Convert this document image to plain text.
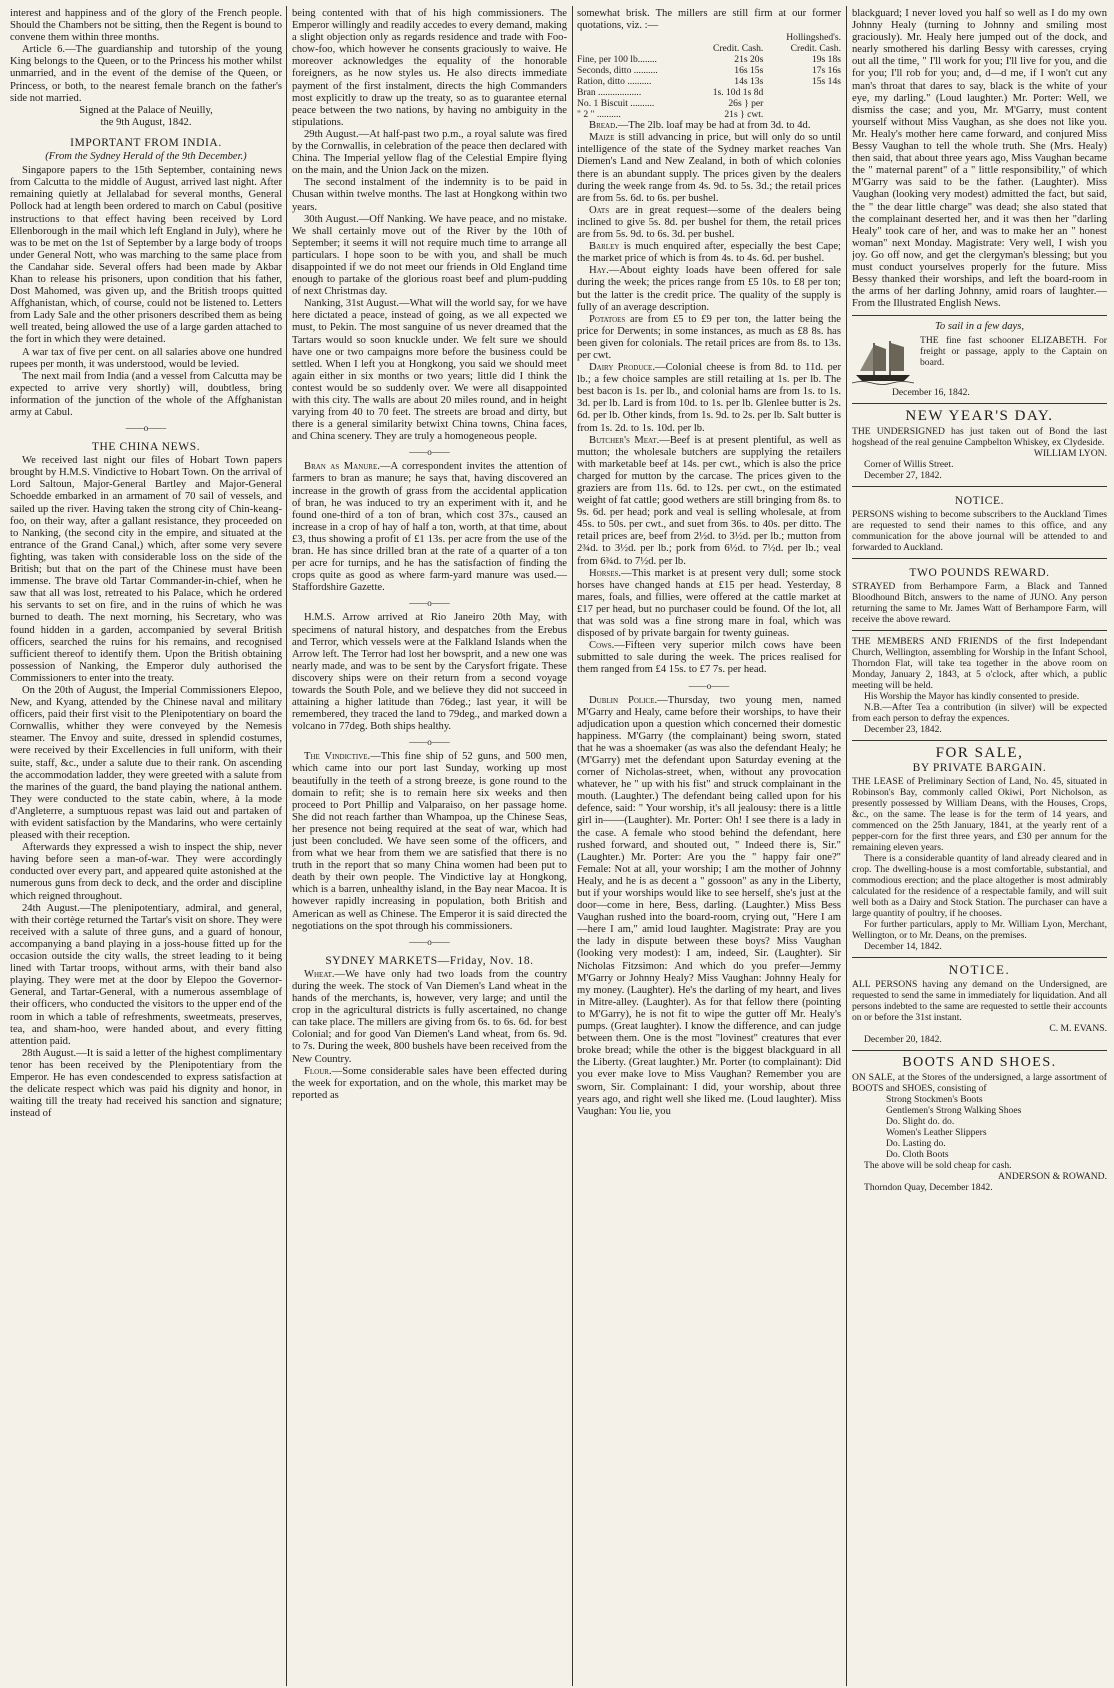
interest and happiness and of the glory of the French people. Should the Chambers not be sitting, then the Regent is bound to convene them within three months.

Article 6.—The guardianship and tutorship of the young King belongs to the Queen, or to the Princess his mother whilst unmarried, and in the event of the demise of the Queen, or Princess, or both, to the nearest female branch on the father's side not married.

Signed at the Palace of Neuilly,

the 9th August, 1842.

IMPORTANT FROM INDIA.
(From the Sydney Herald of the 9th December.)

Singapore papers to the 15th September, containing news from Calcutta to the middle of August, arrived last night. After remaining quietly at Jellalabad for several months, General Pollock had at length been ordered to march on Cabul (positive instructions to that effect having been received by Lord Ellenborough in the mail which left England in July), where he was to be met on the 1st of September by a large body of troops under General Nott, who was marching to the same place from the Candahar side. Several offers had been made by Akbar Khan to release his prisoners, upon condition that his father, Dost Mahomed, was given up, and the British troops quitted Affghanistan, which, of course, could not be listened to. Letters from Lady Sale and the other prisoners described them as being well treated, being allowed the use of a large garden attached to the fort in which they were detained.

A war tax of five per cent. on all salaries above one hundred rupees per month, it was understood, would be levied.

The next mail from India (and a vessel from Calcutta may be expected to arrive very shortly) will, doubtless, bring information of the junction of the whole of the Affghanistan army at Cabul.

——o——
THE CHINA NEWS.

We received last night our files of Hobart Town papers brought by H.M.S. Vindictive to Hobart Town. On the arrival of Lord Saltoun, Major-General Bartley and Major-General Schoedde embarked in an armament of 70 sail of vessels, and sailed up the river. Having taken the strong city of Chin-keang-foo, on their way, after a gallant resistance, they proceeded on to Nanking, (the second city in the empire, and situated at the entrance of the Grand Canal,) which, after some very severe fighting, was taken with considerable loss on the side of the British; but that on the part of the Chinese must have been immense. The brave old Tartar Commander-in-chief, when he saw that all was lost, retreated to his Palace, which he ordered his servants to set on fire, and in the ruins of which he was burned to death. The next morning, his Secretary, who was found hidden in a garden, accompanied by several British officers, searched the ruins for his remains, and recognised sufficient thereof to identify them. Upon the British obtaining possession of Nanking, the Emperor duly authorised the Commissioners to enter into the treaty.

On the 20th of August, the Imperial Commissioners Elepoo, New, and Kyang, attended by the Chinese naval and military officers, paid their first visit to the Plenipotentiary on board the Cornwallis, whither they were conveyed by the Nemesis steamer. The Envoy and suite, dressed in splendid costumes, were received by their Excellencies in full uniform, with their suite, staff, &c., under a salute due to their rank. On ascending the accommodation ladder, they were greeted with a salute from the marines of the guard, the band playing the national anthem. They were conducted to the state cabin, where, à la mode d'Angleterre, a sumptuous repast was laid out and partaken of with evident satisfaction by the Mandarins, who were certainly pleased with their reception.

Afterwards they expressed a wish to inspect the ship, never having before seen a man-of-war. They were accordingly conducted over every part, and appeared quite astonished at the numerous guns from deck to deck, and the order and discipline which reigned throughout.

24th August.—The plenipotentiary, admiral, and general, with their cortège returned the Tartar's visit on shore. They were received with a salute of three guns, and a guard of honour, accompanying a band playing in a joss-house fitted up for the occasion outside the city walls, the street leading to it being lined with Tartar troops, without arms, with their band also playing. They were met at the door by Elepoo the Governor-General, and Tartar-General, with a numerous assemblage of their officers, who conducted the visitors to the upper end of the room in which a table of refreshments, sweetmeats, preserves, tea, and sham-hoo, were handed about, and every fitting attention paid.

28th August.—It is said a letter of the highest complimentary tenor has been received by the Plenipotentiary from the Emperor. He has even condescended to express satisfaction at the delicate respect which was paid his dignity and honor, in waiting till the treaty had received his sanction and signature; instead of

being contented with that of his high commissioners. The Emperor willingly and readily accedes to every demand, making a slight objection only as regards residence and trade with Foo-chow-foo, which however he consents graciously to waive. He moreover acknowledges the equality of the honorable foreigners, as he now styles us. He also directs immediate payment of the first instalment, directs the high Commanders most explicitly to draw up the treaty, so as to guarantee eternal peace between the two nations, by having no ambiguity in the stipulations.

29th August.—At half-past two p.m., a royal salute was fired by the Cornwallis, in celebration of the peace then declared with China. The Imperial yellow flag of the Celestial Empire flying on the main, and the Union Jack on the mizen.

The second instalment of the indemnity is to be paid in Chusan within twelve months. The last at Hongkong within two years.

30th August.—Off Nanking. We have peace, and no mistake. We shall certainly move out of the River by the 10th of September; it seems it will not require much time to arrange all particulars. I hope soon to be with you, and shall be much disappointed if we do not meet our friends in Old England time enough to partake of the glorious roast beef and plum-pudding of next Christmas day.

Nanking, 31st August.—What will the world say, for we have here dictated a peace, instead of going, as we all expected we must, to Pekin. The most sanguine of us never dreamed that the Tartars would so soon knuckle under. We felt sure we should have one or two campaigns more before the business could be settled. When I left you at Hongkong, you said we should meet again either in six months or two years; little did I think the contest would be so suddenly over. We were all disappointed with this city. The walls are about 20 miles round, and in height varying from 40 to 70 feet. The streets are broad and dirty, but there is a general similarity betwixt China towns, China faces, and China scenery. They are truly a homogeneous people.

——o——

Bran as Manure.—A correspondent invites the attention of farmers to bran as manure; he says that, having discovered an increase in the growth of grass from the accidental application of bran, he was induced to try an experiment with it, and he found one-third of a ton of bran, which cost 37s., caused an increase in a crop of hay of half a ton, worth, at that time, about £3, thus showing a profit of £1 13s. per acre from the use of the bran. He has since drilled bran at the rate of a quarter of a ton per acre for turnips, and he has the satisfaction of finding the crops quite as good as where farm-yard manure was used.—Staffordshire Gazette.

——o——

H.M.S. Arrow arrived at Rio Janeiro 20th May, with specimens of natural history, and despatches from the Erebus and Terror, which vessels were at the Falkland Islands when the Arrow left. The Terror had lost her bowsprit, and a new one was nearly made, and was to be sent by the Carysfort frigate. These discovery ships were on their return from a second voyage towards the South Pole, and we believe they did not succeed in attaining a higher latitude than 76deg.; last year, it will be remembered, they traced the land to 79deg., and marked down a volcano in 77deg. Both ships healthy.

——o——

The Vindictive.—This fine ship of 52 guns, and 500 men, which came into our port last Sunday, working up most beautifully in the teeth of a strong breeze, is gone round to the domain to refit; she is to remain here six weeks and then proceed to Port Phillip and Valparaiso, on her passage home. She did not reach farther than Whampoa, up the Chinese Seas, her presence not being required at the seat of war, which had just been concluded. We have seen some of the officers, and from what we hear from them we are satisfied that there is no truth in the report that so many China women had been put to death by their own people. The Vindictive lay at Hongkong, which is a barren, unhealthy island, in the Bay near Macoa. It is however rapidly increasing in population, both British and American as well as Chinese. The Emperor it is said directed the negotiations on the spot through his commissioners.

——o——
SYDNEY MARKETS—Friday, Nov. 18.

Wheat.—We have only had two loads from the country during the week. The stock of Van Diemen's Land wheat in the hands of the merchants, is, however, very large; and until the crop in the agricultural districts is fully ascertained, no change can take place. The millers are giving from 6s. to 6s. 6d. for best Colonial; and for good Van Diemen's Land wheat, from 6s. 9d. to 7s. During the week, 800 bushels have been received from the New Country.

Flour.—Some considerable sales have been effected during the week for exportation, and on the whole, this market may be reported as

somewhat brisk. The millers are still firm at our former quotations, viz. :—

		Hollingshed's.
	Credit. Cash.	Credit. Cash.
Fine, per 100 lb........	21s 20s	19s 18s
Seconds, ditto ..........	16s 15s	17s 16s
Ration, ditto ..........	14s 13s	15s 14s
Bran ..................	1s. 10d 1s 8d	
No. 1 Biscuit ..........	26s } per	
" 2 " ..........	21s } cwt.	

Bread.—The 2lb. loaf may be had at from 3d. to 4d.

Maize is still advancing in price, but will only do so until intelligence of the state of the Sydney market reaches Van Diemen's Land and New Zealand, in both of which colonies there is an abundant supply. The prices given by the dealers during the week range from 4s. 9d. to 5s. 3d.; the retail prices are from 5s. 6d. to 6s. per bushel.

Oats are in great request—some of the dealers being inclined to give 5s. 8d. per bushel for them, the retail prices are from 5s. 9d. to 6s. 3d. per bushel.

Barley is much enquired after, especially the best Cape; the market price of which is from 4s. to 4s. 6d. per bushel.

Hay.—About eighty loads have been offered for sale during the week; the prices range from £5 10s. to £8 per ton; but the latter is the credit price. The quality of the supply is fully of an average description.

Potatoes are from £5 to £9 per ton, the latter being the price for Derwents; in some instances, as much as £8 8s. has been given for colonials. The retail prices are from 8s. to 13s. per cwt.

Dairy Produce.—Colonial cheese is from 8d. to 11d. per lb.; a few choice samples are still retailing at 1s. per lb. The best bacon is 1s. per lb., and colonial hams are from 1s. to 1s. 3d. per lb. Lard is from 10d. to 1s. per lb. Glenlee butter is 2s. 6d. per lb. Other kinds, from 1s. 9d. to 2s. per lb. Salt butter is from 1s. 2d. to 1s. 10d. per lb.

Butcher's Meat.—Beef is at present plentiful, as well as mutton; the wholesale butchers are supplying the retailers with marketable beef at 14s. per cwt., which is also the price charged for mutton by the carcase. The prices given to the graziers are from 11s. 6d. to 12s. per cwt., on the estimated weight of fat cattle; good wethers are still bringing from 8s. to 9s. 6d. per head; pork and veal is selling wholesale, at from 45s. to 50s. per cwt., and suet from 36s. to 40s. per ditto. The retail prices are, beef from 2½d. to 3½d. per lb.; mutton from 2¾d. to 3½d. per lb.; pork from 6½d. to 7½d. per lb.; veal from 6¾d. to 7½d. per lb.

Horses.—This market is at present very dull; some stock horses have changed hands at £15 per head. Yesterday, 8 mares, foals, and fillies, were offered at the cattle market at £17 per head, but no purchaser could be found. Of the lot, all that was sold was a fine strong mare in foal, which was disposed of by private bargain for twenty guineas.

Cows.—Fifteen very superior milch cows have been submitted to sale during the week. The prices realised for them ranged from £4 15s. to £7 7s. per head.

——o——

Dublin Police.—Thursday, two young men, named M'Garry and Healy, came before their worships, to have their adjudication upon a question which concerned their domestic happiness. M'Garry (the complainant) being sworn, stated that he was a shoemaker (as was also the defendant Healy; he (M'Garry) met the defendant upon Saturday evening at the corner of Nicholas-street, when, without any provocation whatever, he " up with his fist" and struck complainant in the mouth. (Laughter.) The defendant being called upon for his defence, said: " Your worship, it's all jealousy: there is a little girl in——(Laughter). Mr. Porter: Oh! I see there is a lady in the case. A female who stood behind the defendant, here rushed forward, and shouted out, " Indeed there is, Sir." (Laughter.) Mr. Porter: Are you the " happy fair one?" Female: Not at all, your worship; I am the mother of Johnny Healy, and he is as decent a " gossoon" as any in the Liberty, but if your worships would like to see herself, she's just at the door—come in here, Bess, darling. (Laughter.) Miss Bess Vaughan rushed into the board-room, crying out, "Here I am—here I am," amid loud laughter. Magistrate: Pray are you the lady in dispute between these boys? Miss Vaughan (looking very modest): I am, indeed, Sir. (Laughter). Sir Nicholas Fitzsimon: And which do you prefer—Jemmy M'Garry or Johnny Healy? Miss Vaughan: Johnny Healy for my money. (Laughter). He's the darling of my heart, and lives in Mitre-alley. (Laughter). As for that fellow there (pointing to M'Garry), he is not fit to wipe the gutter off Mr. Healy's pumps. (Great laughter). I know the difference, and can judge between them. One is the most "lovinest" creatures that ever broke bread; while the other is the biggest blackguard in all the Liberty. (Great laughter.) Mr. Porter (to complainant): Did you ever make love to Miss Vaughan? Remember you are sworn, Sir. Complainant: I did, your worship, about three years ago, and right well she liked me. (Loud laughter). Miss Vaughan: You lie, you

blackguard; I never loved you half so well as I do my own Johnny Healy (turning to Johnny and smiling most graciously). Mr. Healy here jumped out of the dock, and nearly smothered his darling Bessy with caresses, crying out all the time, " I'll work for you; I'll live for you, and die for you; I'll rob for you; and, d—d me, if I won't cut any man's throat that dares to say, black is the white of your eye, my darling." (Loud laughter.) Mr. Porter: Well, we dismiss the case; and you, Mr. M'Garry, must content yourself without Miss Vaughan, as she does not like you. Mr. Healy's mother here came forward, and conjured Miss Bessy Vaughan to tell the whole truth. She (Mrs. Healy) then said, that about three years ago, Miss Vaughan became the " maternal parent" of a " little responsibility," of which M'Garry was said to be the father. (Laughter). Miss Vaughan (looking very modest) admitted the fact, but said, the " the dear little charge" was dead; she also stated that the complainant deserted her, and it was then her "darling Healy" took care of her, and was to make her an " honest woman" next Monday. Magistrate: Very well, I wish you joy. Go off now, and get the clergyman's blessing; but you must conduct yourselves properly for the future. Miss Bessy thanked their worships, and left the board-room in the arms of her darling Johnny, amid roars of laughter.—From the Illustrated English News.

To sail in a few days,

THE fine fast schooner ELIZABETH. For freight or passage, apply to the Captain on board.

December 16, 1842.

NEW YEAR'S DAY.

THE UNDERSIGNED has just taken out of Bond the last hogshead of the real genuine Campbelton Whiskey, ex Clydeside.

WILLIAM LYON.

Corner of Willis Street.

December 27, 1842.

NOTICE.

PERSONS wishing to become subscribers to the Auckland Times are requested to send their names to this office, and any communication for the above journal will be attended to and forwarded to Auckland.

TWO POUNDS REWARD.

STRAYED from Berhampore Farm, a Black and Tanned Bloodhound Bitch, answers to the name of JUNO. Any person returning the same to Mr. James Watt of Berhampore Farm, will receive the above reward.

THE MEMBERS AND FRIENDS of the first Independant Church, Wellington, assembling for Worship in the Infant School, Thorndon Flat, will take tea together in the above room on Monday, January 2, 1843, at 5 o'clock, after which, a public meeting will be held.

His Worship the Mayor has kindly consented to preside.

N.B.—After Tea a contribution (in silver) will be expected from each person to defray the expences.

December 23, 1842.

FOR SALE,
BY PRIVATE BARGAIN.

THE LEASE of Preliminary Section of Land, No. 45, situated in Robinson's Bay, commonly called Okiwi, Port Nicholson, as presently possessed by William Deans, with the Houses, Crops, &c., on the same. The lease is for the term of 14 years, and commenced on the 25th January, 1841, at the yearly rent of a pepper-corn for the first three years, and £30 per annum for the remaining eleven years.

There is a considerable quantity of land already cleared and in crop. The dwelling-house is a most comfortable, substantial, and commodious erection; and the place altogether is most admirably calculated for the residence of a respectable family, and will suit well both as a Dairy and Stock Station. The purchaser can have a large quantity of poultry, if he chooses.

For further particulars, apply to Mr. William Lyon, Merchant, Wellington, or to Mr. Deans, on the premises.

December 14, 1842.

NOTICE.

ALL PERSONS having any demand on the Undersigned, are requested to send the same in immediately for liquidation. And all persons indebted to the same are requested to settle their accounts on or before the 31st instant.

C. M. EVANS.

December 20, 1842.

BOOTS AND SHOES.

ON SALE, at the Stores of the undersigned, a large assortment of BOOTS and SHOES, consisting of

Strong Stockmen's Boots

Gentlemen's Strong Walking Shoes

Do. Slight do. do.

Women's Leather Slippers

Do. Lasting do.

Do. Cloth Boots

The above will be sold cheap for cash.

ANDERSON & ROWAND.

Thorndon Quay, December 1842.
